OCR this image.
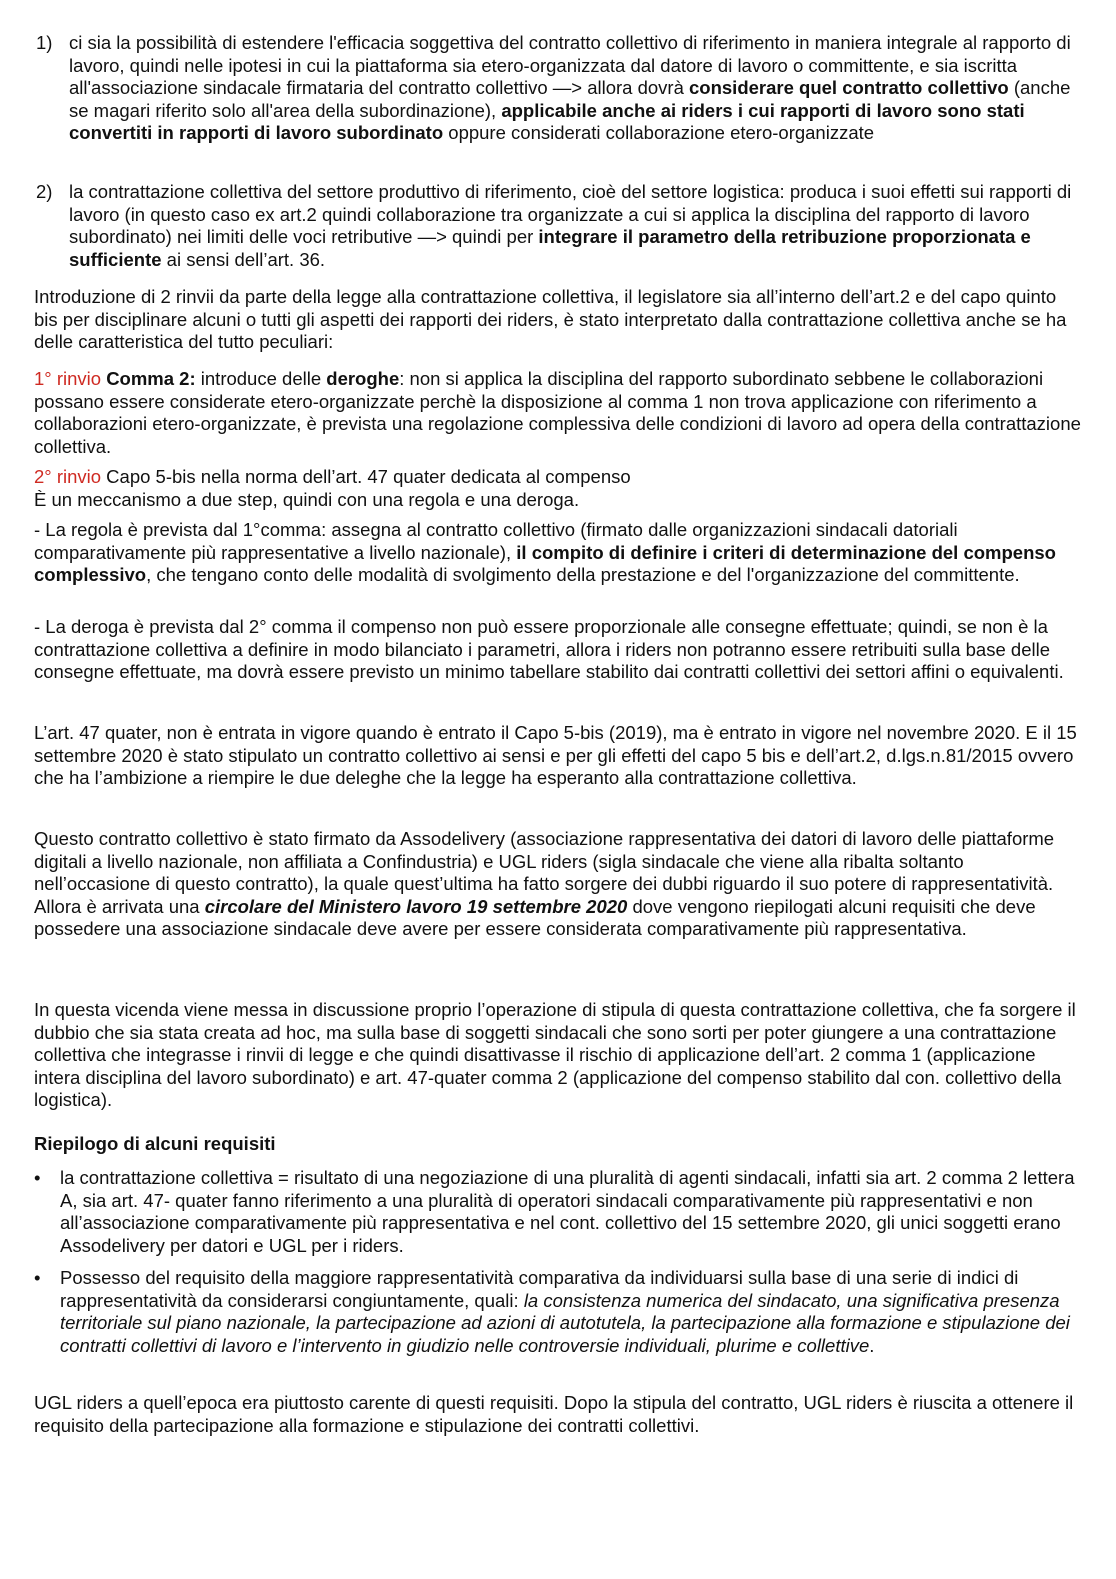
1) ci sia la possibilità di estendere l'efficacia soggettiva del contratto collettivo di riferimento in maniera integrale al rapporto di lavoro, quindi nelle ipotesi in cui la piattaforma sia etero-organizzata dal datore di lavoro o committente, e sia iscritta all'associazione sindacale firmataria del contratto collettivo —> allora dovrà considerare quel contratto collettivo (anche se magari riferito solo all'area della subordinazione), applicabile anche ai riders i cui rapporti di lavoro sono stati convertiti in rapporti di lavoro subordinato oppure considerati collaborazione etero-organizzate

2) la contrattazione collettiva del settore produttivo di riferimento, cioè del settore logistica: produca i suoi effetti sui rapporti di lavoro (in questo caso ex art.2 quindi collaborazione tra organizzate a cui si applica la disciplina del rapporto di lavoro subordinato) nei limiti delle voci retributive —> quindi per integrare il parametro della retribuzione proporzionata e sufficiente ai sensi dell’art. 36.

Introduzione di 2 rinvii da parte della legge alla contrattazione collettiva, il legislatore sia all’interno dell’art.2 e del capo quinto bis per disciplinare alcuni o tutti gli aspetti dei rapporti dei riders, è stato interpretato dalla contrattazione collettiva anche se ha delle caratteristica del tutto peculiari:

1° rinvio Comma 2: introduce delle deroghe: non si applica la disciplina del rapporto subordinato sebbene le collaborazioni possano essere considerate etero-organizzate perchè la disposizione al comma 1 non trova applicazione con riferimento a collaborazioni etero-organizzate, è prevista una regolazione complessiva delle condizioni di lavoro ad opera della contrattazione collettiva.

2° rinvio Capo 5-bis nella norma dell’art. 47 quater dedicata al compenso
È un meccanismo a due step, quindi con una regola e una deroga.

- La regola è prevista dal 1°comma: assegna al contratto collettivo (firmato dalle organizzazioni sindacali datoriali comparativamente più rappresentative a livello nazionale), il compito di definire i criteri di determinazione del compenso complessivo, che tengano conto delle modalità di svolgimento della prestazione e del l'organizzazione del committente.

- La deroga è prevista dal 2° comma il compenso non può essere proporzionale alle consegne effettuate; quindi, se non è la contrattazione collettiva a definire in modo bilanciato i parametri, allora i riders non potranno essere retribuiti sulla base delle consegne effettuate, ma dovrà essere previsto un minimo tabellare stabilito dai contratti collettivi dei settori affini o equivalenti.

L’art. 47 quater, non è entrata in vigore quando è entrato il Capo 5-bis (2019), ma è entrato in vigore nel novembre 2020. E il 15 settembre 2020 è stato stipulato un contratto collettivo ai sensi e per gli effetti del capo 5 bis e dell’art.2, d.lgs.n.81/2015 ovvero che ha l’ambizione a riempire le due deleghe che la legge ha esperanto alla contrattazione collettiva.

Questo contratto collettivo è stato firmato da Assodelivery (associazione rappresentativa dei datori di lavoro delle piattaforme digitali a livello nazionale, non affiliata a Confindustria) e UGL riders (sigla sindacale che viene alla ribalta soltanto nell’occasione di questo contratto), la quale quest’ultima ha fatto sorgere dei dubbi riguardo il suo potere di rappresentatività. Allora è arrivata una circolare del Ministero lavoro 19 settembre 2020 dove vengono riepilogati alcuni requisiti che deve possedere una associazione sindacale deve avere per essere considerata comparativamente più rappresentativa.

In questa vicenda viene messa in discussione proprio l’operazione di stipula di questa contrattazione collettiva, che fa sorgere il dubbio che sia stata creata ad hoc, ma sulla base di soggetti sindacali che sono sorti per poter giungere a una contrattazione collettiva che integrasse i rinvii di legge e che quindi disattivasse il rischio di applicazione dell’art. 2 comma 1 (applicazione intera disciplina del lavoro subordinato) e art. 47-quater comma 2 (applicazione del compenso stabilito dal con. collettivo della logistica).

Riepilogo di alcuni requisiti

•	la contrattazione collettiva = risultato di una negoziazione di una pluralità di agenti sindacali, infatti sia art. 2 comma 2 lettera A, sia art. 47- quater fanno riferimento a una pluralità di operatori sindacali comparativamente più rappresentativi e non all’associazione comparativamente più rappresentativa e nel cont. collettivo del 15 settembre 2020, gli unici soggetti erano Assodelivery per datori e UGL per i riders.

•	Possesso del requisito della maggiore rappresentatività comparativa da individuarsi sulla base di una serie di indici di rappresentatività da considerarsi congiuntamente, quali: la consistenza numerica del sindacato, una significativa presenza territoriale sul piano nazionale, la partecipazione ad azioni di autotutela, la partecipazione alla formazione e stipulazione dei contratti collettivi di lavoro e l’intervento in giudizio nelle controversie individuali, plurime e collettive.

UGL riders a quell’epoca era piuttosto carente di questi requisiti. Dopo la stipula del contratto, UGL riders è riuscita a ottenere il requisito della partecipazione alla formazione e stipulazione dei contratti collettivi.
